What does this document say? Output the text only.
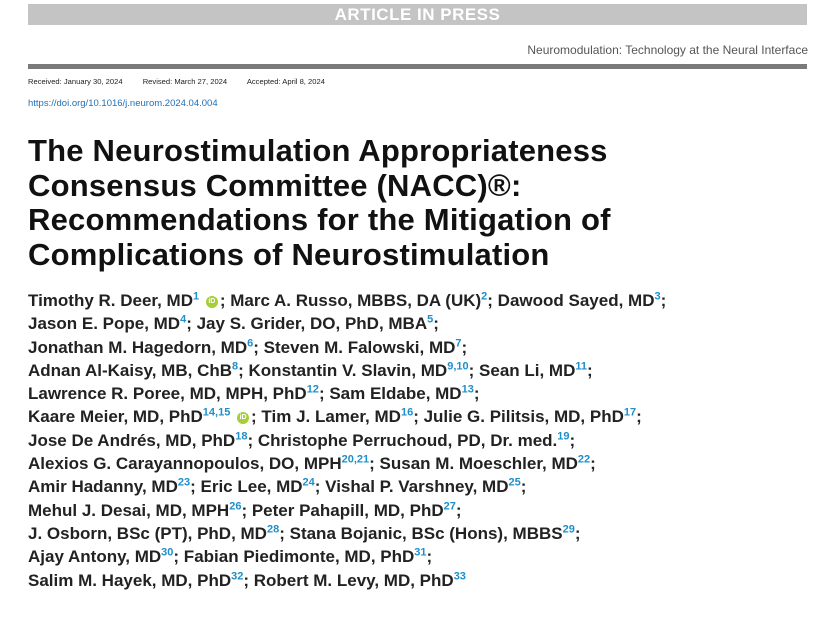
ARTICLE IN PRESS
Neuromodulation: Technology at the Neural Interface
Received: January 30, 2024	Revised: March 27, 2024	Accepted: April 8, 2024
https://doi.org/10.1016/j.neurom.2024.04.004
The Neurostimulation Appropriateness
Consensus Committee (NACC)®:
Recommendations for the Mitigation of
Complications of Neurostimulation
Timothy R. Deer, $MD^1$ iD ; Marc A. Russo, MBBS, DA (UK)$^2$; Dawood Sayed, $MD^3$;
Jason E. Pope, $MD^4$; Jay S. Grider, DO, PhD, MBA$^5$;
Jonathan M. Hagedorn, $MD^6$; Steven M. Falowski, $MD^7$;
Adnan Al-Kaisy, MB, ChB$^8$; Konstantin V. Slavin, MD$^{9,10}$; Sean Li, MD$^{11}$;
Lawrence R. Poree, MD, MPH, PhD$^{12}$; Sam Eldabe, MD$^{13}$;
Kaare Meier, MD, PhD$^{14,15}$ iD ; Tim J. Lamer, MD$^{16}$; Julie G. Pilitsis, MD, PhD$^{17}$;
Jose De Andrés, MD, PhD$^{18}$; Christophe Perruchoud, PD, Dr. med.$^{19}$;
Alexios G. Carayannopoulos, DO, MPH$^{20,21}$; Susan M. Moeschler, MD$^{22}$;
Amir Hadanny, MD$^{23}$; Eric Lee, MD$^{24}$; Vishal P. Varshney, MD$^{25}$;
Mehul J. Desai, MD, MPH$^{26}$; Peter Pahapill, MD, PhD$^{27}$;
J. Osborn, BSc (PT), PhD, MD$^{28}$; Stana Bojanic, BSc (Hons), MBBS$^{29}$;
Ajay Antony, MD$^{30}$; Fabian Piedimonte, MD, PhD$^{31}$;
Salim M. Hayek, MD, PhD$^{32}$; Robert M. Levy, MD, PhD$^{33}$
